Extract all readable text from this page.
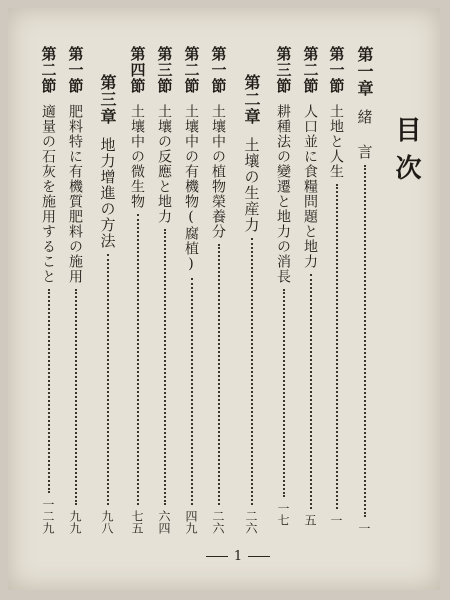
目次
第一章
緒 言
一
第一節
土地と人生
一
第二節
人口並に食糧問題と地力
五
第三節
耕種法の變遷と地力の消長
一七
第二章
土壤の生産力
二六
第一節
土壤中の植物榮養分
二六
第二節
土壤中の有機物(腐植)
四九
第三節
土壤の反應と地力
六四
第四節
土壤中の微生物
七五
第三章
地力增進の方法
九八
第一節
肥料特に有機質肥料の施用
九九
第二節
適量の石灰を施用すること
一二九
1
